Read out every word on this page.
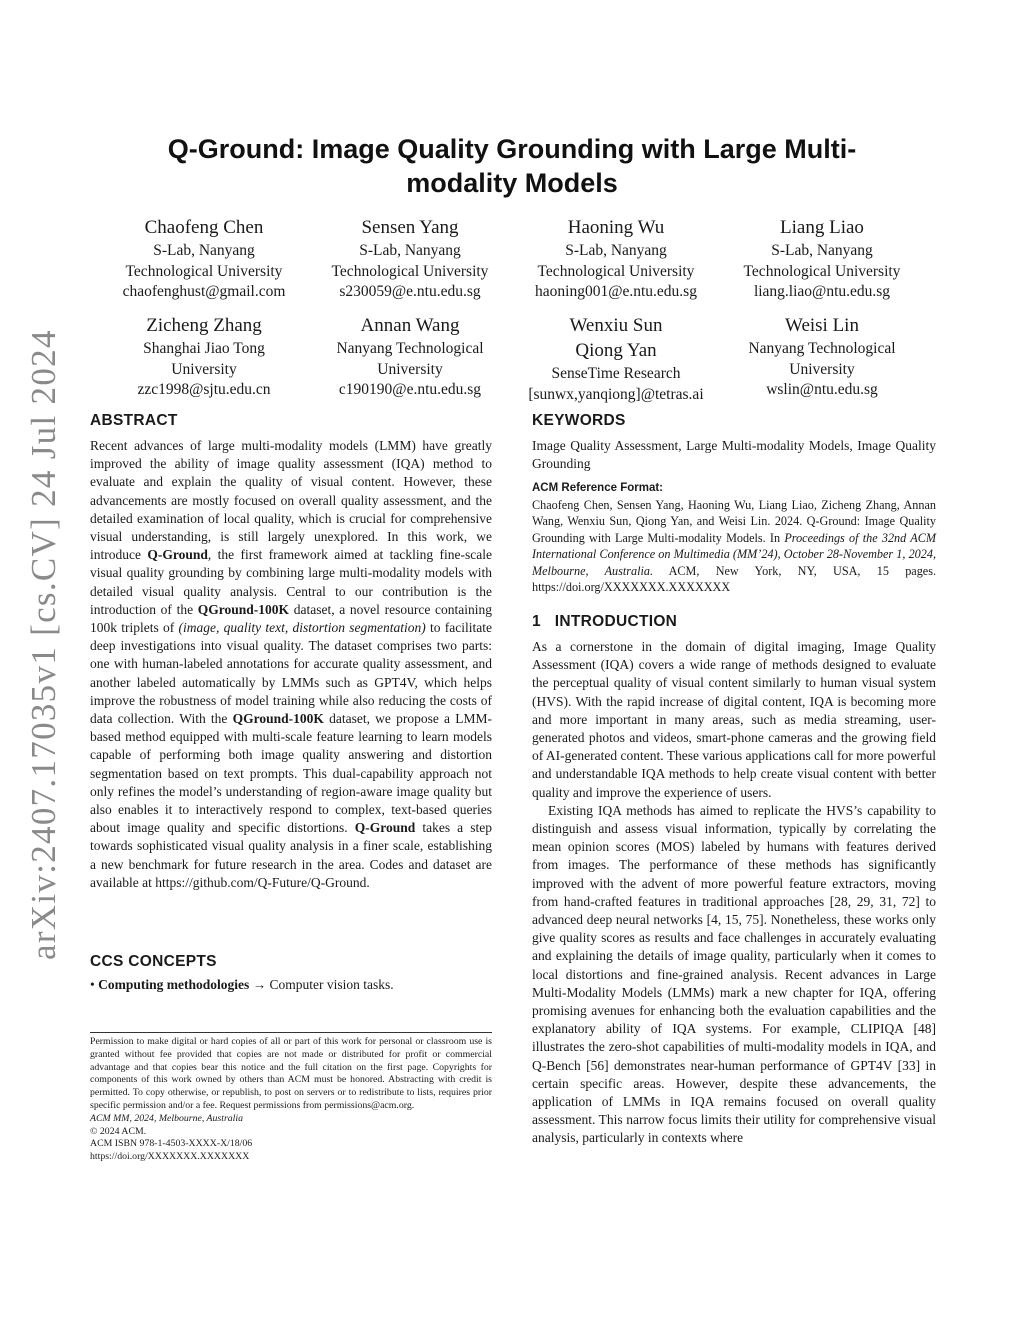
arXiv:2407.17035v1 [cs.CV] 24 Jul 2024
Q-Ground: Image Quality Grounding with Large Multi-modality Models
Chaofeng Chen
S-Lab, Nanyang
Technological University
chaofenghust@gmail.com
Sensen Yang
S-Lab, Nanyang
Technological University
s230059@e.ntu.edu.sg
Haoning Wu
S-Lab, Nanyang
Technological University
haoning001@e.ntu.edu.sg
Liang Liao
S-Lab, Nanyang
Technological University
liang.liao@ntu.edu.sg
Zicheng Zhang
Shanghai Jiao Tong
University
zzc1998@sjtu.edu.cn
Annan Wang
Nanyang Technological
University
c190190@e.ntu.edu.sg
Wenxiu Sun
Qiong Yan
SenseTime Research
[sunwx,yanqiong]@tetras.ai
Weisi Lin
Nanyang Technological
University
wslin@ntu.edu.sg
ABSTRACT
Recent advances of large multi-modality models (LMM) have greatly improved the ability of image quality assessment (IQA) method to evaluate and explain the quality of visual content. However, these advancements are mostly focused on overall quality assessment, and the detailed examination of local quality, which is crucial for comprehensive visual understanding, is still largely unexplored. In this work, we introduce Q-Ground, the first framework aimed at tackling fine-scale visual quality grounding by combining large multi-modality models with detailed visual quality analysis. Central to our contribution is the introduction of the QGround-100K dataset, a novel resource containing 100k triplets of (image, quality text, distortion segmentation) to facilitate deep investigations into visual quality. The dataset comprises two parts: one with human-labeled annotations for accurate quality assessment, and another labeled automatically by LMMs such as GPT4V, which helps improve the robustness of model training while also reducing the costs of data collection. With the QGround-100K dataset, we propose a LMM-based method equipped with multi-scale feature learning to learn models capable of performing both image quality answering and distortion segmentation based on text prompts. This dual-capability approach not only refines the model’s understanding of region-aware image quality but also enables it to interactively respond to complex, text-based queries about image quality and specific distortions. Q-Ground takes a step towards sophisticated visual quality analysis in a finer scale, establishing a new benchmark for future research in the area. Codes and dataset are available at https://github.com/Q-Future/Q-Ground.
CCS CONCEPTS
• Computing methodologies → Computer vision tasks.
Permission to make digital or hard copies of all or part of this work for personal or classroom use is granted without fee provided that copies are not made or distributed for profit or commercial advantage and that copies bear this notice and the full citation on the first page. Copyrights for components of this work owned by others than ACM must be honored. Abstracting with credit is permitted. To copy otherwise, or republish, to post on servers or to redistribute to lists, requires prior specific permission and/or a fee. Request permissions from permissions@acm.org.
ACM MM, 2024, Melbourne, Australia
© 2024 ACM.
ACM ISBN 978-1-4503-XXXX-X/18/06
https://doi.org/XXXXXXX.XXXXXXX
KEYWORDS
Image Quality Assessment, Large Multi-modality Models, Image Quality Grounding
ACM Reference Format:
Chaofeng Chen, Sensen Yang, Haoning Wu, Liang Liao, Zicheng Zhang, Annan Wang, Wenxiu Sun, Qiong Yan, and Weisi Lin. 2024. Q-Ground: Image Quality Grounding with Large Multi-modality Models. In Proceedings of the 32nd ACM International Conference on Multimedia (MM’24), October 28-November 1, 2024, Melbourne, Australia. ACM, New York, NY, USA, 15 pages. https://doi.org/XXXXXXX.XXXXXXX
1 INTRODUCTION

As a cornerstone in the domain of digital imaging, Image Quality Assessment (IQA) covers a wide range of methods designed to evaluate the perceptual quality of visual content similarly to human visual system (HVS). With the rapid increase of digital content, IQA is becoming more and more important in many areas, such as media streaming, user-generated photos and videos, smart-phone cameras and the growing field of AI-generated content. These various applications call for more powerful and understandable IQA methods to help create visual content with better quality and improve the experience of users.

Existing IQA methods has aimed to replicate the HVS’s capability to distinguish and assess visual information, typically by correlating the mean opinion scores (MOS) labeled by humans with features derived from images. The performance of these methods has significantly improved with the advent of more powerful feature extractors, moving from hand-crafted features in traditional approaches [28, 29, 31, 72] to advanced deep neural networks [4, 15, 75]. Nonetheless, these works only give quality scores as results and face challenges in accurately evaluating and explaining the details of image quality, particularly when it comes to local distortions and fine-grained analysis. Recent advances in Large Multi-Modality Models (LMMs) mark a new chapter for IQA, offering promising avenues for enhancing both the evaluation capabilities and the explanatory ability of IQA systems. For example, CLIPIQA [48] illustrates the zero-shot capabilities of multi-modality models in IQA, and Q-Bench [56] demonstrates near-human performance of GPT4V [33] in certain specific areas. However, despite these advancements, the application of LMMs in IQA remains focused on overall quality assessment. This narrow focus limits their utility for comprehensive visual analysis, particularly in contexts where
